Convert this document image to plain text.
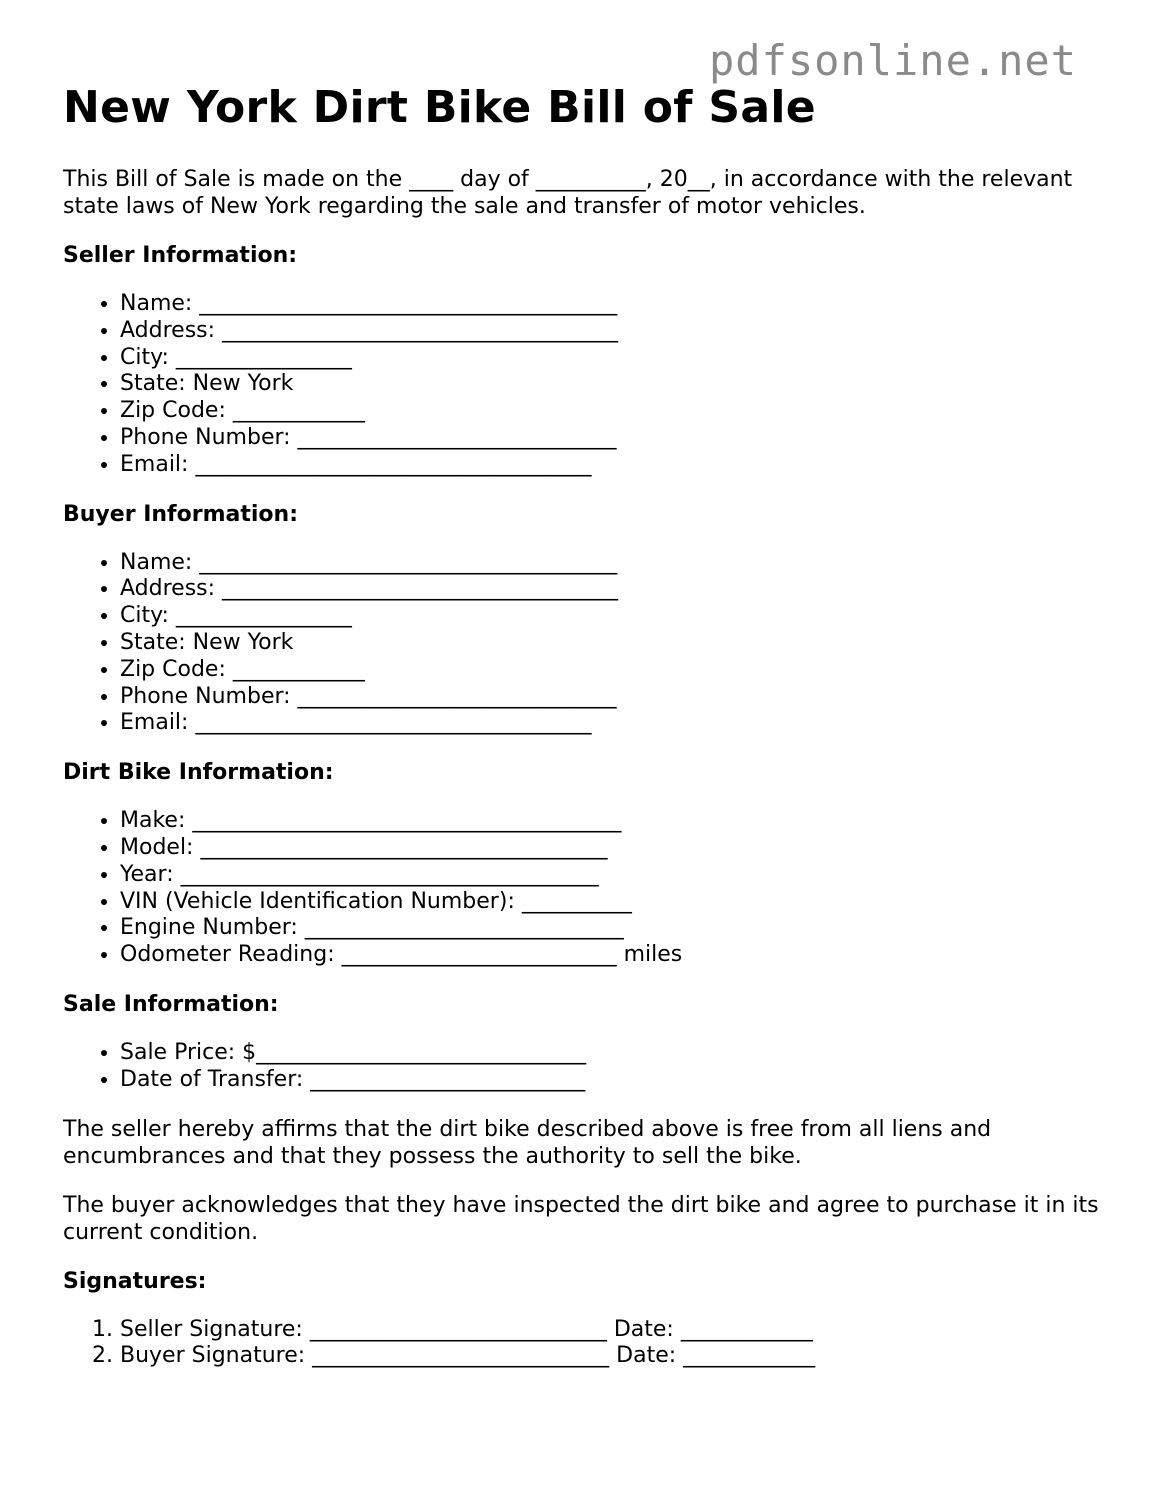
pdfsonline.net
New York Dirt Bike Bill of Sale

This Bill of Sale is made on the ____ day of __________, 20__, in accordance with the relevant state laws of New York regarding the sale and transfer of motor vehicles.

Seller Information:
• Name: ______________________________________
• Address: ____________________________________
• City: ________________
• State: New York
• Zip Code: ____________
• Phone Number: _____________________________
• Email: ____________________________________
Buyer Information:
• Name: ______________________________________
• Address: ____________________________________
• City: ________________
• State: New York
• Zip Code: ____________
• Phone Number: _____________________________
• Email: ____________________________________
Dirt Bike Information:
• Make: _______________________________________
• Model: _____________________________________
• Year: ______________________________________
• VIN (Vehicle Identification Number): __________
• Engine Number: _____________________________
• Odometer Reading: _________________________ miles
Sale Information:
• Sale Price: $______________________________
• Date of Transfer: _________________________

The seller hereby affirms that the dirt bike described above is free from all liens and encumbrances and that they possess the authority to sell the bike.

The buyer acknowledges that they have inspected the dirt bike and agree to purchase it in its current condition.

Signatures:
1. Seller Signature: ___________________________ Date: ____________
2. Buyer Signature: ___________________________ Date: ____________
